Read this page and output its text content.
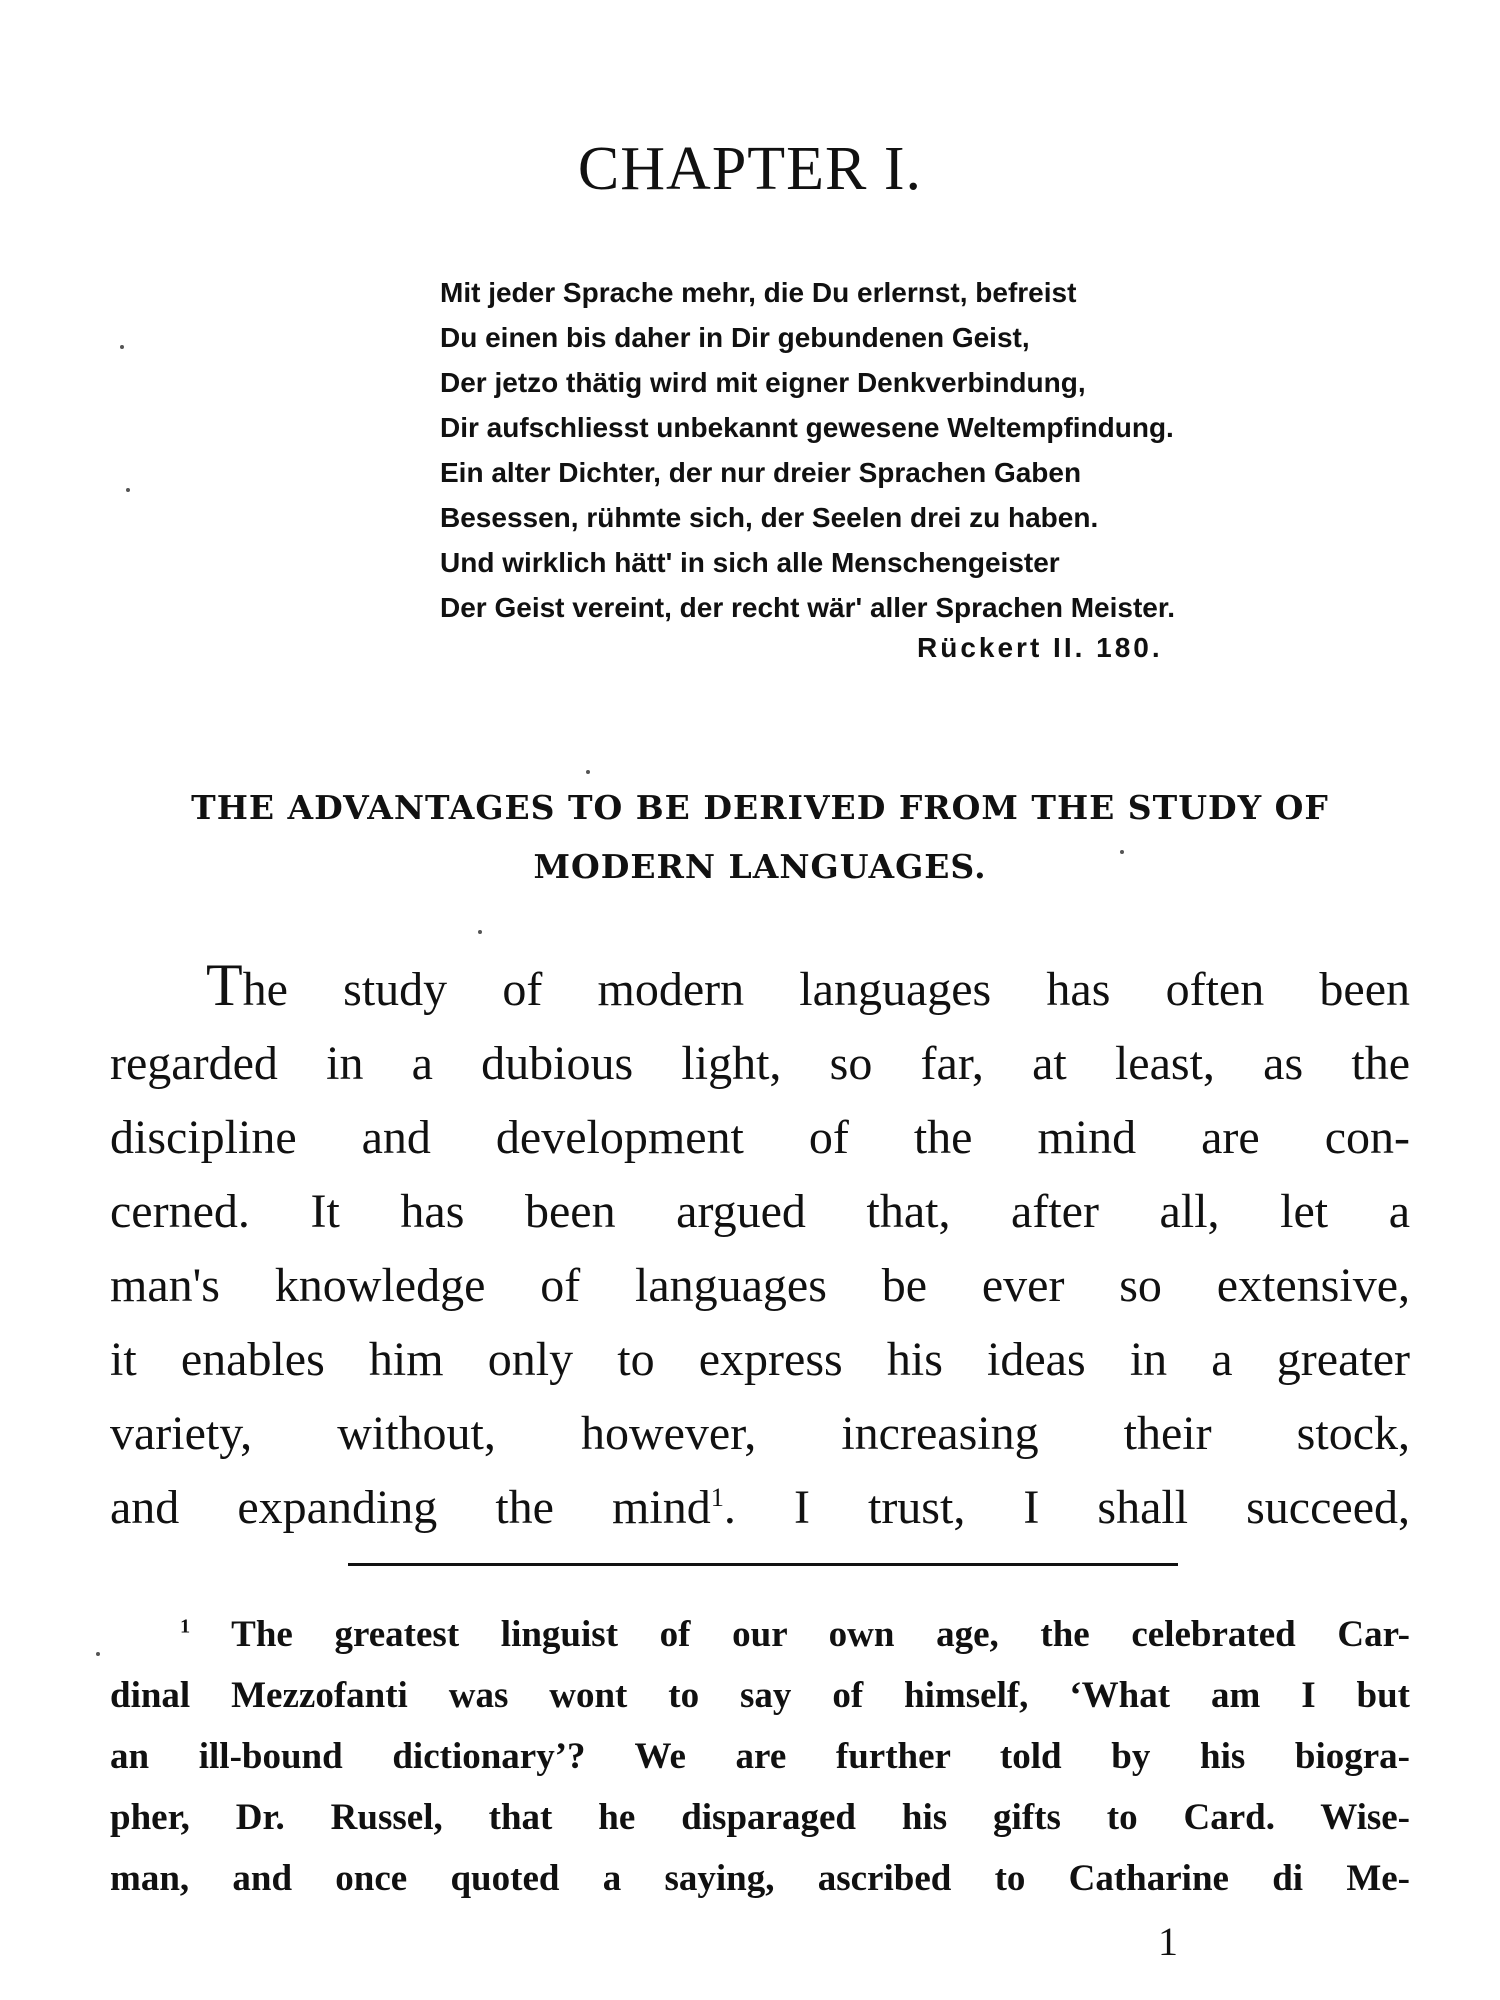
CHAPTER I.
Mit jeder Sprache mehr, die Du erlernst, befreist
Du einen bis daher in Dir gebundenen Geist,
Der jetzo thätig wird mit eigner Denkverbindung,
Dir aufschliesst unbekannt gewesene Weltempfindung.
Ein alter Dichter, der nur dreier Sprachen Gaben
Besessen, rühmte sich, der Seelen drei zu haben.
Und wirklich hätt' in sich alle Menschengeister
Der Geist vereint, der recht wär' aller Sprachen Meister.
Rückert II. 180.
THE ADVANTAGES TO BE DERIVED FROM THE STUDY OF
MODERN LANGUAGES.
The study of modern languages has often been
regarded in a dubious light, so far, at least, as the
discipline and development of the mind are con-
cerned. It has been argued that, after all, let a
man's knowledge of languages be ever so extensive,
it enables him only to express his ideas in a greater
variety, without, however, increasing their stock,
and expanding the mind$^1$. I trust, I shall succeed,
$^1$ The greatest linguist of our own age, the celebrated Car-
dinal Mezzofanti was wont to say of himself, ‘What am I but
an ill-bound dictionary’? We are further told by his biogra-
pher, Dr. Russel, that he disparaged his gifts to Card. Wise-
man, and once quoted a saying, ascribed to Catharine di Me-
1
